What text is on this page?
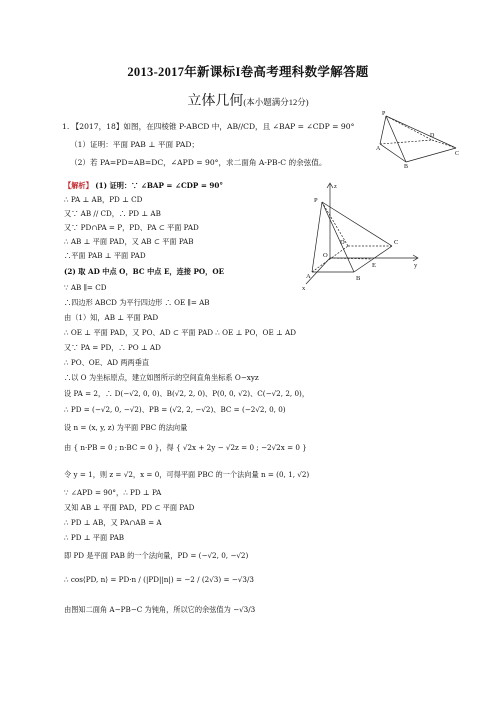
2013-2017年新课标I卷高考理科数学解答题
立体几何(本小题满分12分)
P
A
B
C
D
1. 【2017，18】如图，在四棱锥 P-ABCD 中，AB//CD，且 ∠BAP = ∠CDP = 90°
（1）证明：平面 PAB ⊥ 平面 PAD；
（2）若 PA=PD=AB=DC，∠APD = 90°，求二面角 A-PB-C 的余弦值。
【解析】 (1) 证明：∵ ∠BAP = ∠CDP = 90°
∴ PA ⊥ AB，PD ⊥ CD
又∵ AB // CD，∴ PD ⊥ AB
又∵ PD∩PA = P，PD、PA ⊂ 平面 PAD
∴ AB ⊥ 平面 PAD，又 AB ⊂ 平面 PAB
∴平面 PAB ⊥ 平面 PAD
(2) 取 AD 中点 O，BC 中点 E，连接 PO，OE
∵ AB ∥= CD
∴四边形 ABCD 为平行四边形 ∴ OE ∥= AB
由（1）知，AB ⊥ 平面 PAD
∴ OE ⊥ 平面 PAD，又 PO、AD ⊂ 平面 PAD ∴ OE ⊥ PO，OE ⊥ AD
又∵ PA = PD，∴ PO ⊥ AD
∴ PO、OE、AD 两两垂直
∴以 O 为坐标原点，建立如图所示的空间直角坐标系 O−xyz
设 PA = 2，∴ D(−√2, 0, 0)、B(√2, 2, 0)、P(0, 0, √2)、C(−√2, 2, 0)，
∴ PD = (−√2, 0, −√2)、PB = (√2, 2, −√2)、BC = (−2√2, 0, 0)
设 n = (x, y, z) 为平面 PBC 的法向量
由 { n·PB = 0 ; n·BC = 0 }，得 { √2x + 2y − √2z = 0 ; −2√2x = 0 }
令 y = 1，则 z = √2，x = 0，可得平面 PBC 的一个法向量 n = (0, 1, √2)
∵ ∠APD = 90°，∴ PD ⊥ PA
又知 AB ⊥ 平面 PAD，PD ⊂ 平面 PAD
∴ PD ⊥ AB，又 PA∩AB = A
∴ PD ⊥ 平面 PAB
即 PD 是平面 PAB 的一个法向量，PD = (−√2, 0, −√2)
∴ cos⟨PD, n⟩ = PD·n / (|PD||n|) = −2 / (2√3) = −√3/3
由图知二面角 A−PB−C 为钝角，所以它的余弦值为 −√3/3
z
P
D	C
O
E
A	B
x
y
